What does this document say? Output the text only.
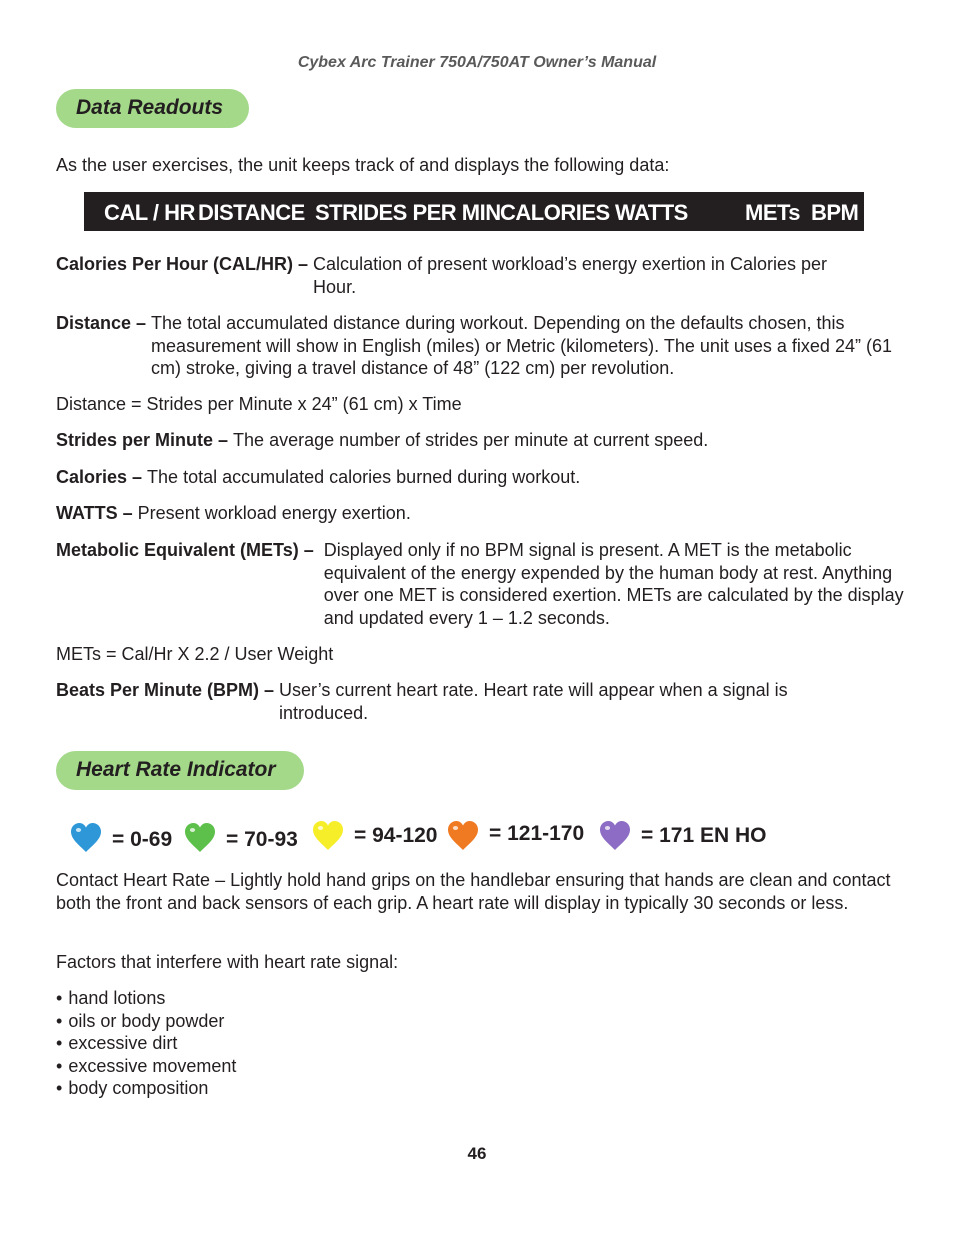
Cybex Arc Trainer 750A/750AT Owner’s Manual
Data Readouts
As the user exercises, the unit keeps track of and displays the following data:
CAL / HR DISTANCE STRIDES PER MIN CALORIES WATTS	METs BPM
Calories Per Hour (CAL/HR) – Calculation of present workload’s energy exertion in Calories per Hour.
Distance – The total accumulated distance during workout. Depending on the defaults chosen, this measurement will show in English (miles) or Metric (kilometers). The unit uses a fixed 24” (61 cm) stroke, giving a travel distance of 48” (122 cm) per revolution.
Distance = Strides per Minute x 24” (61 cm) x Time
Strides per Minute – The average number of strides per minute at current speed.
Calories – The total accumulated calories burned during workout.
WATTS – Present workload energy exertion.
Metabolic Equivalent (METs) – Displayed only if no BPM signal is present. A MET is the metabolic equivalent of the energy expended by the human body at rest. Anything over one MET is considered exertion. METs are calculated by the display and updated every 1 – 1.2 seconds.
METs = Cal/Hr X 2.2 / User Weight
Beats Per Minute (BPM) – User’s current heart rate. Heart rate will appear when a signal is introduced.
Heart Rate Indicator
= 0-69	= 70-93	= 94-120 = 121-170	= 171 EN HO
Contact Heart Rate – Lightly hold hand grips on the handlebar ensuring that hands are clean and contact both the front and back sensors of each grip. A heart rate will display in typically 30 seconds or less.
Factors that interfere with heart rate signal:
• hand lotions
• oils or body powder
• excessive dirt
• excessive movement
• body composition
46
